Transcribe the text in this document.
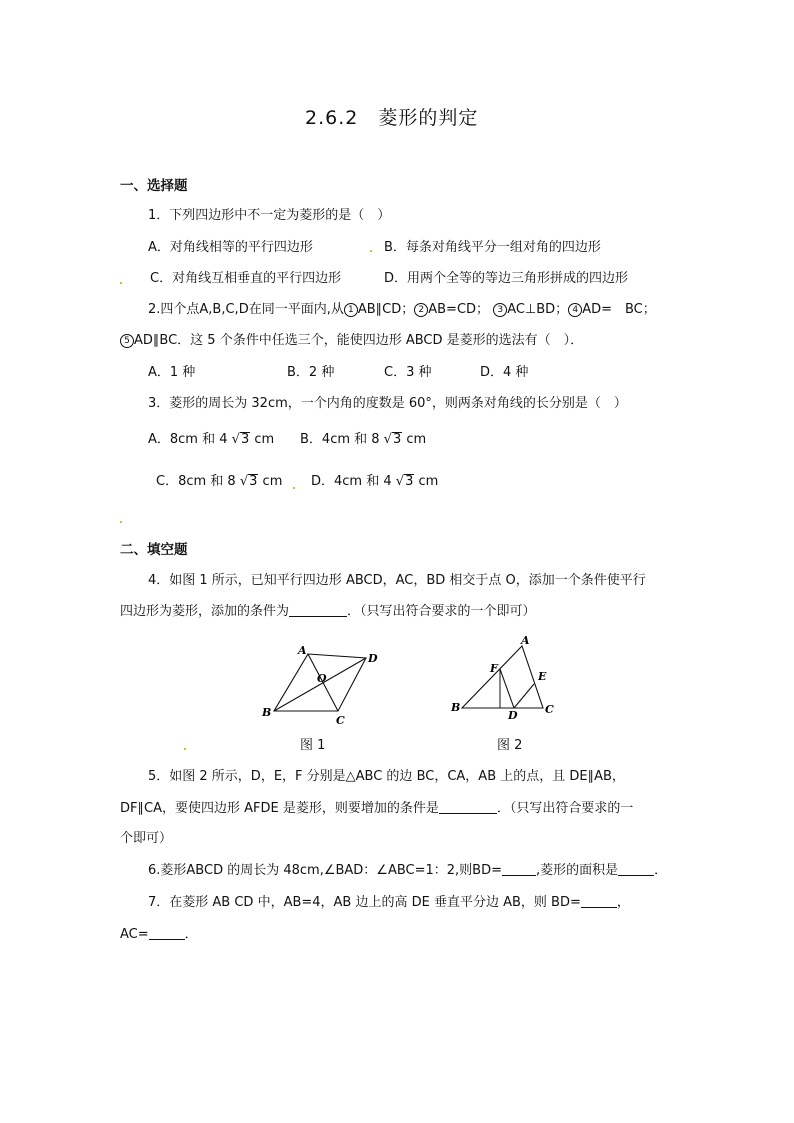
2.6.2　菱形的判定
一、选择题
1．下列四边形中不一定为菱形的是（　）
A．对角线相等的平行四边形	B．每条对角线平分一组对角的四边形
C．对角线互相垂直的平行四边形	D．用两个全等的等边三角形拼成的四边形
2.四个点A,B,C,D在同一平面内,从 1 AB∥CD； 2 AB=CD； 3 AC⊥BD； 4 AD=　BC；
5 AD∥BC．这 5 个条件中任选三个，能使四边形 ABCD 是菱形的选法有（　）．
A．1 种	B．2 种	C．3 种	D．4 种
3．菱形的周长为 32cm，一个内角的度数是 60°，则两条对角线的长分别是（　）
A．8cm 和 4 √3 cm B．4cm 和 8 √3 cm
C．8cm 和 8 √3 cm D．4cm 和 4 √3 cm
二、填空题
4．如图 1 所示，已知平行四边形 ABCD，AC，BD 相交于点 O，添加一个条件使平行
四边形为菱形，添加的条件为	．（只写出符合要求的一个即可）
A
D
B
C
O
图 1
A
B	C
D
E
F
图 2
5．如图 2 所示，D，E，F 分别是△ABC 的边 BC，CA，AB 上的点，且 DE∥AB，
DF∥CA，要使四边形 AFDE 是菱形，则要增加的条件是	．（只写出符合要求的一
个即可）
6.菱形ABCD 的周长为 48cm,∠BAD：∠ABC=1：2,则BD=	,菱形的面积是	．
7．在菱形 AB CD 中，AB=4，AB 边上的高 DE 垂直平分边 AB，则 BD=	，
AC=	．
